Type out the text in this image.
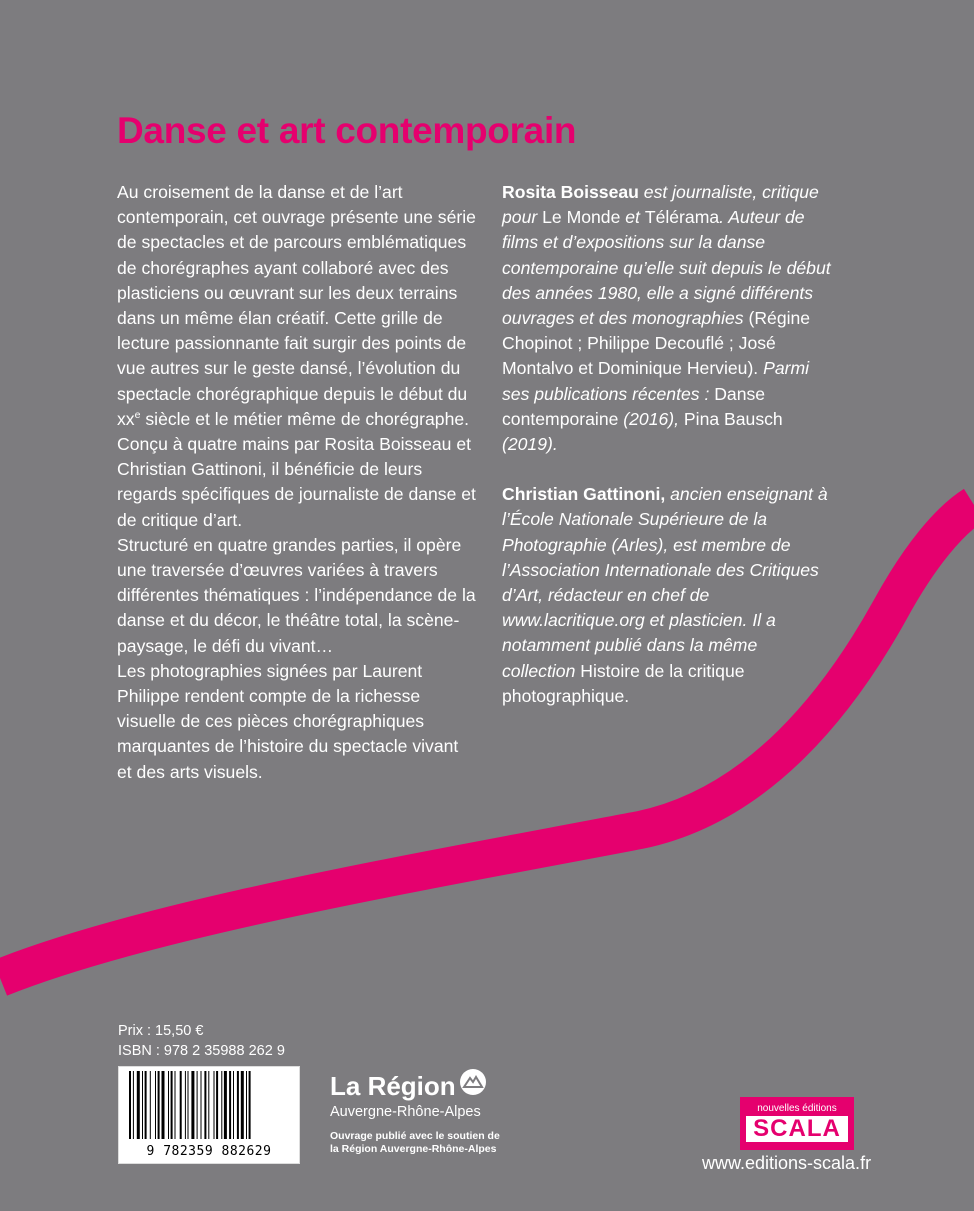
Danse et art contemporain

Au croisement de la danse et de l’art contemporain, cet ouvrage présente une série de spectacles et de parcours emblématiques de chorégraphes ayant collaboré avec des plasticiens ou œuvrant sur les deux terrains dans un même élan créatif. Cette grille de lecture passionnante fait surgir des points de vue autres sur le geste dansé, l’évolution du spectacle chorégraphique depuis le début du $xx^e$ siècle et le métier même de chorégraphe.

Conçu à quatre mains par Rosita Boisseau et Christian Gattinoni, il bénéficie de leurs regards spécifiques de journaliste de danse et de critique d’art.

Structuré en quatre grandes parties, il opère une traversée d’œuvres variées à travers différentes thématiques : l’indépendance de la danse et du décor, le théâtre total, la scène-paysage, le défi du vivant…

Les photographies signées par Laurent Philippe rendent compte de la richesse visuelle de ces pièces chorégraphiques marquantes de l’histoire du spectacle vivant et des arts visuels.

Rosita Boisseau est journaliste, critique pour Le Monde et Télérama. Auteur de films et d’expositions sur la danse contemporaine qu’elle suit depuis le début des années 1980, elle a signé différents ouvrages et des monographies (Régine Chopinot ; Philippe Decouflé ; José Montalvo et Dominique Hervieu). Parmi ses publications récentes : Danse contemporaine (2016), Pina Bausch (2019).

Christian Gattinoni, ancien enseignant à l’École Nationale Supérieure de la Photographie (Arles), est membre de l’Association Internationale des Critiques d’Art, rédacteur en chef de www.lacritique.org et plasticien. Il a notamment publié dans la même collection Histoire de la critique photographique.

Prix : 15,50 €
ISBN : 978 2 35988 262 9
9 782359 882629
La Région
Auvergne-Rhône-Alpes
Ouvrage publié avec le soutien de
la Région Auvergne-Rhône-Alpes
nouvelles éditions
SCALA
www.editions-scala.fr
